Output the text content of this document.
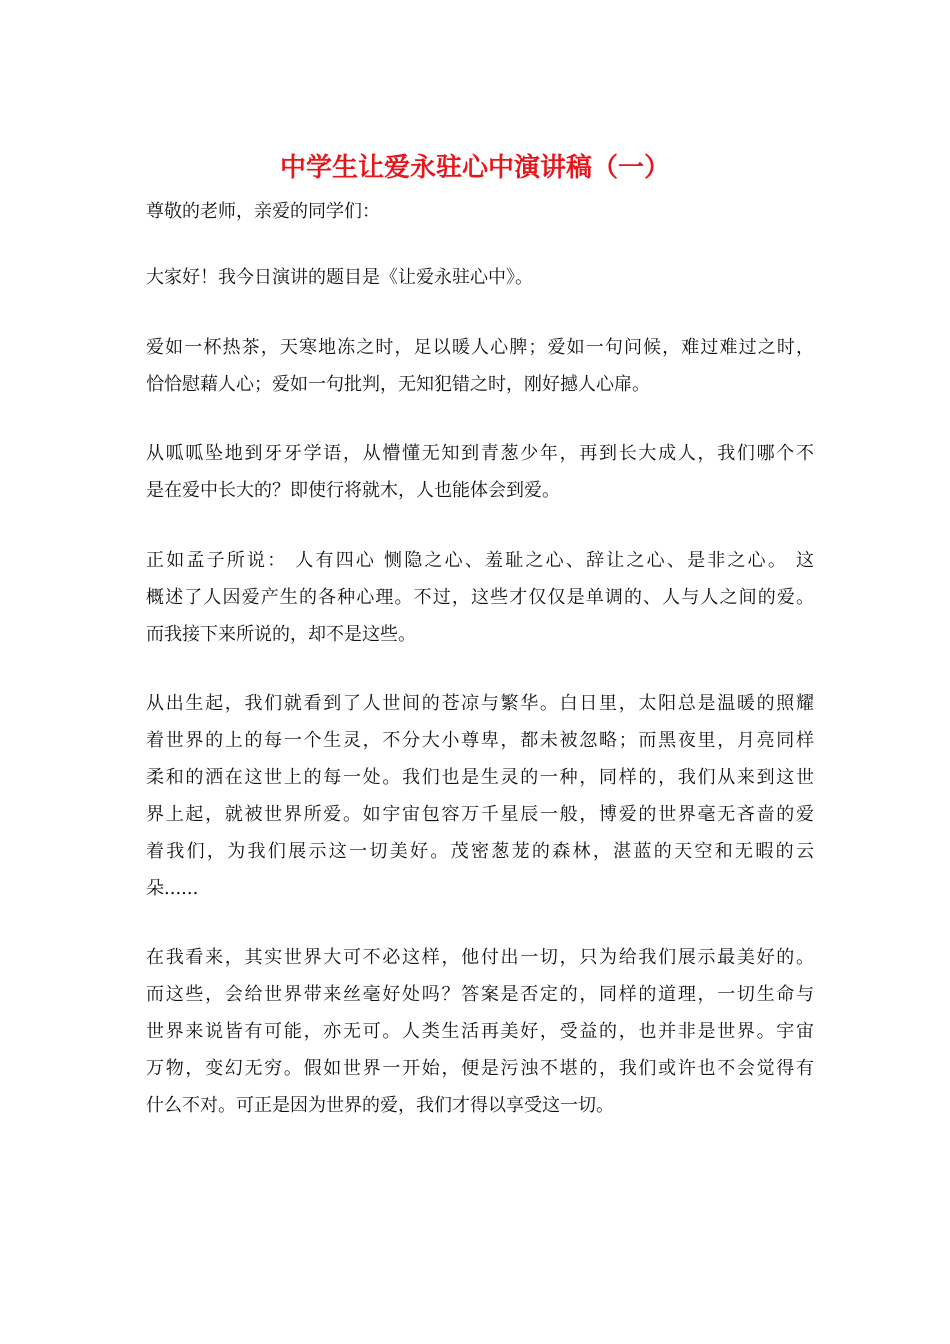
中学生让爱永驻心中演讲稿（一）
尊敬的老师，亲爱的同学们：
大家好！我今日演讲的题目是《让爱永驻心中》。
爱如一杯热茶，天寒地冻之时，足以暖人心脾；爱如一句问候，难过难过之时，
恰恰慰藉人心；爱如一句批判，无知犯错之时，刚好撼人心扉。
从呱呱坠地到牙牙学语，从懵懂无知到青葱少年，再到长大成人，我们哪个不
是在爱中长大的？即使行将就木，人也能体会到爱。
正如孟子所说： 人有四心 恻隐之心、羞耻之心、辞让之心、是非之心。 这
概述了人因爱产生的各种心理。不过，这些才仅仅是单调的、人与人之间的爱。
而我接下来所说的，却不是这些。
从出生起，我们就看到了人世间的苍凉与繁华。白日里，太阳总是温暖的照耀
着世界的上的每一个生灵，不分大小尊卑，都未被忽略；而黑夜里，月亮同样
柔和的洒在这世上的每一处。我们也是生灵的一种，同样的，我们从来到这世
界上起，就被世界所爱。如宇宙包容万千星辰一般，博爱的世界毫无吝啬的爱
着我们，为我们展示这一切美好。茂密葱茏的森林，湛蓝的天空和无暇的云
朵......
在我看来，其实世界大可不必这样，他付出一切，只为给我们展示最美好的。
而这些，会给世界带来丝毫好处吗？答案是否定的，同样的道理，一切生命与
世界来说皆有可能，亦无可。人类生活再美好，受益的，也并非是世界。宇宙
万物，变幻无穷。假如世界一开始，便是污浊不堪的，我们或许也不会觉得有
什么不对。可正是因为世界的爱，我们才得以享受这一切。
